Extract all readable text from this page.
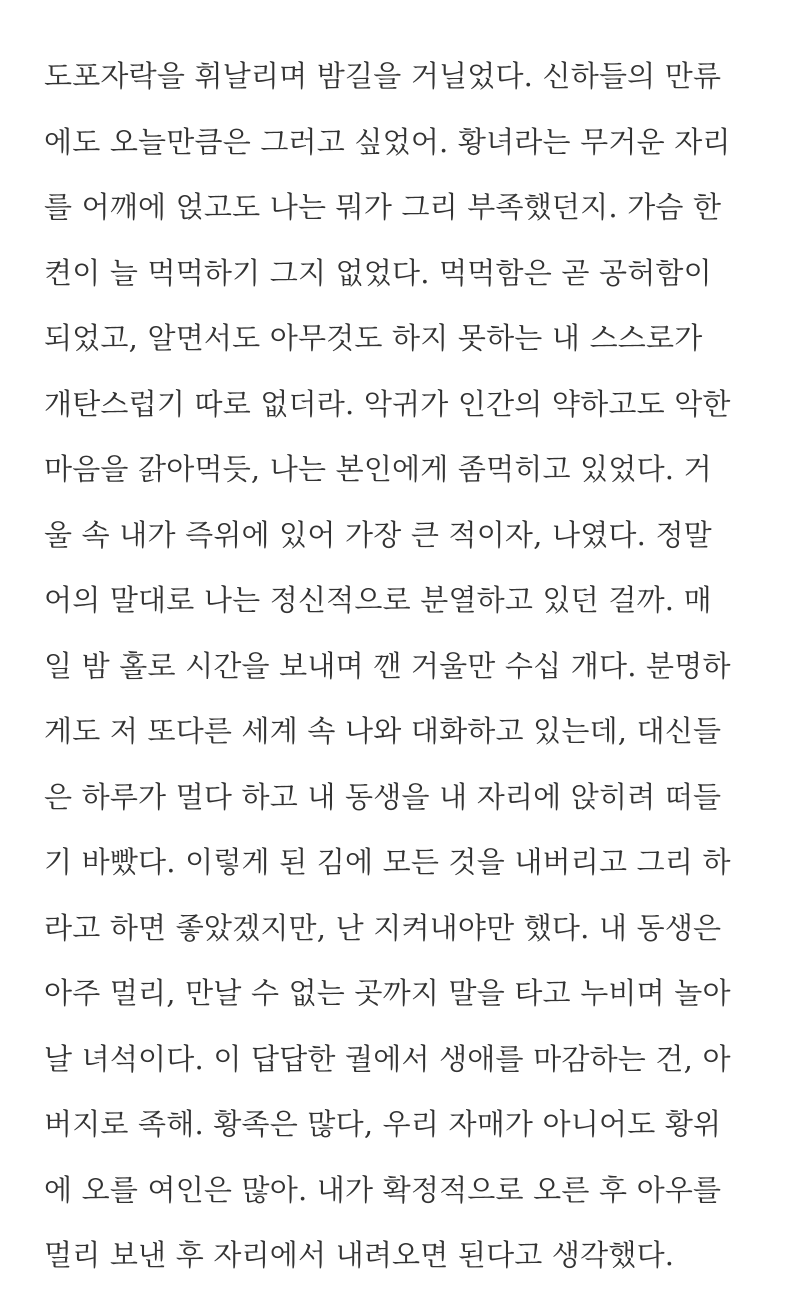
도포자락을 휘날리며 밤길을 거닐었다. 신하들의 만류
에도 오늘만큼은 그러고 싶었어. 황녀라는 무거운 자리
를 어깨에 얹고도 나는 뭐가 그리 부족했던지. 가슴 한
켠이 늘 먹먹하기 그지 없었다. 먹먹함은 곧 공허함이
되었고, 알면서도 아무것도 하지 못하는 내 스스로가
개탄스럽기 따로 없더라. 악귀가 인간의 약하고도 악한
마음을 갉아먹듯, 나는 본인에게 좀먹히고 있었다. 거
울 속 내가 즉위에 있어 가장 큰 적이자, 나였다. 정말
어의 말대로 나는 정신적으로 분열하고 있던 걸까. 매
일 밤 홀로 시간을 보내며 깬 거울만 수십 개다. 분명하
게도 저 또다른 세계 속 나와 대화하고 있는데, 대신들
은 하루가 멀다 하고 내 동생을 내 자리에 앉히려 떠들
기 바빴다. 이렇게 된 김에 모든 것을 내버리고 그리 하
라고 하면 좋았겠지만, 난 지켜내야만 했다. 내 동생은
아주 멀리, 만날 수 없는 곳까지 말을 타고 누비며 놀아
날 녀석이다. 이 답답한 궐에서 생애를 마감하는 건, 아
버지로 족해. 황족은 많다, 우리 자매가 아니어도 황위
에 오를 여인은 많아. 내가 확정적으로 오른 후 아우를
멀리 보낸 후 자리에서 내려오면 된다고 생각했다.
